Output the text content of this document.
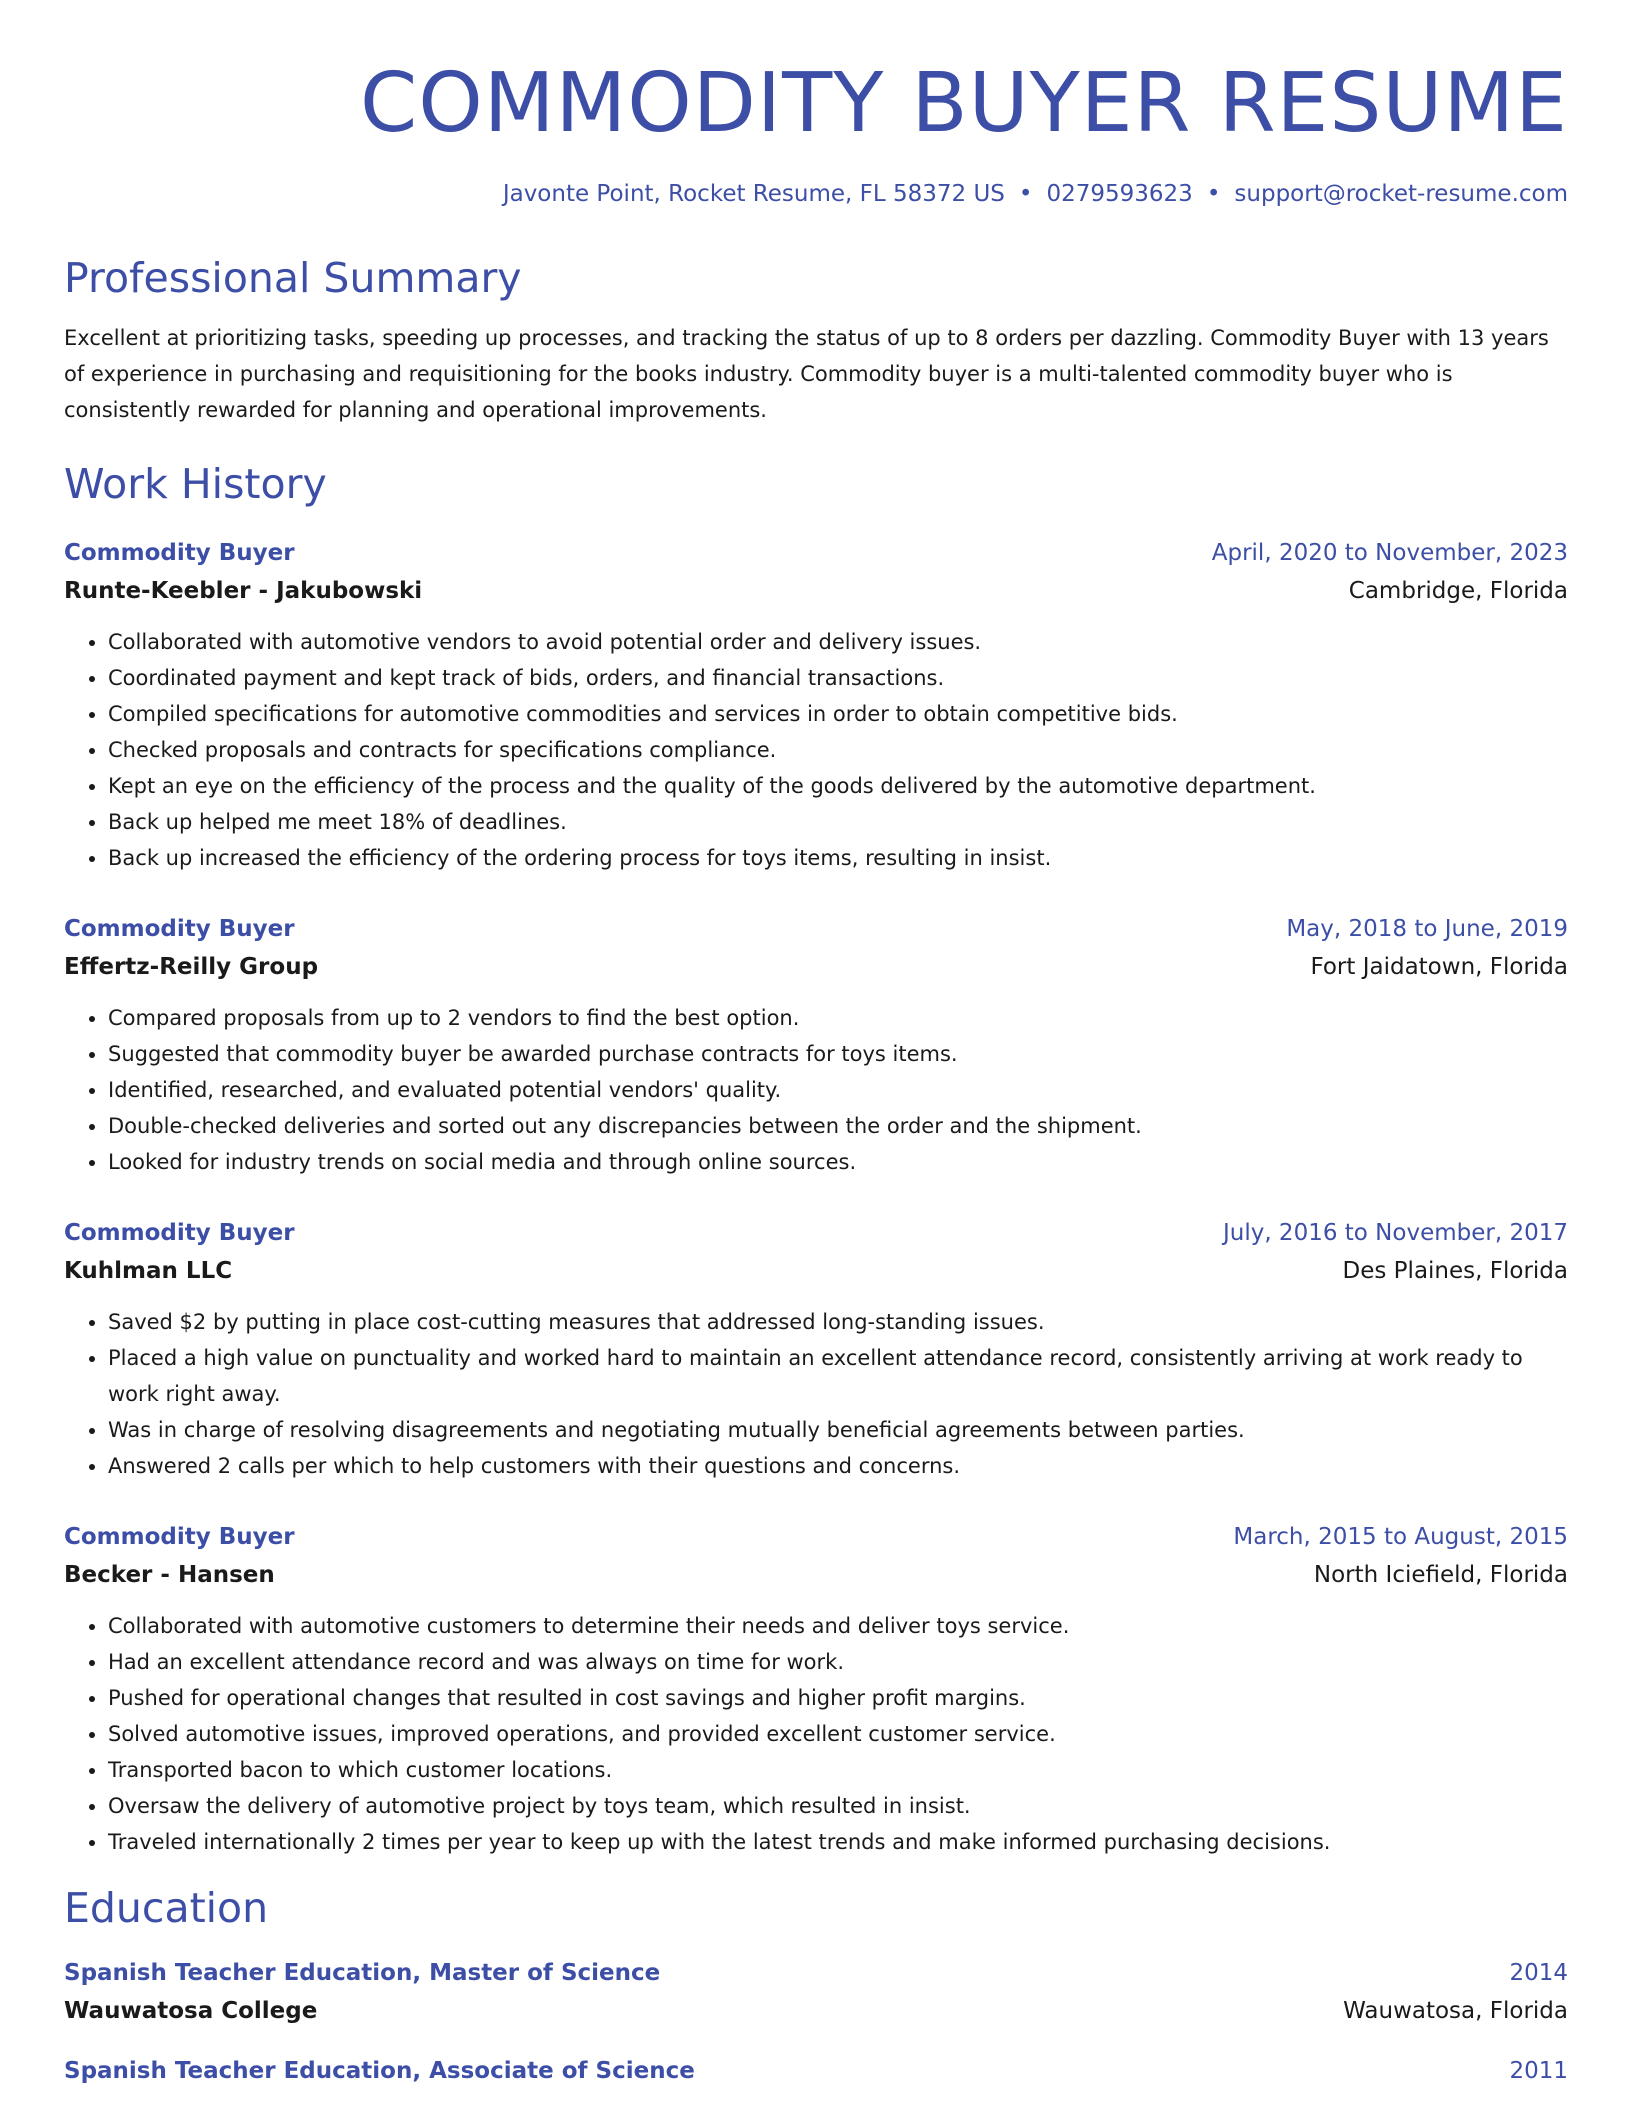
COMMODITY BUYER RESUME
Javonte Point, Rocket Resume, FL 58372 US • 0279593623 • support@rocket-resume.com
Professional Summary
Excellent at prioritizing tasks, speeding up processes, and tracking the status of up to 8 orders per dazzling. Commodity Buyer with 13 years of experience in purchasing and requisitioning for the books industry. Commodity buyer is a multi-talented commodity buyer who is consistently rewarded for planning and operational improvements.
Work History
Commodity Buyer	April, 2020 to November, 2023
Runte-Keebler - Jakubowski	Cambridge, Florida
• Collaborated with automotive vendors to avoid potential order and delivery issues.
• Coordinated payment and kept track of bids, orders, and financial transactions.
• Compiled specifications for automotive commodities and services in order to obtain competitive bids.
• Checked proposals and contracts for specifications compliance.
• Kept an eye on the efficiency of the process and the quality of the goods delivered by the automotive department.
• Back up helped me meet 18% of deadlines.
• Back up increased the efficiency of the ordering process for toys items, resulting in insist.
Commodity Buyer	May, 2018 to June, 2019
Effertz-Reilly Group	Fort Jaidatown, Florida
• Compared proposals from up to 2 vendors to find the best option.
• Suggested that commodity buyer be awarded purchase contracts for toys items.
• Identified, researched, and evaluated potential vendors' quality.
• Double-checked deliveries and sorted out any discrepancies between the order and the shipment.
• Looked for industry trends on social media and through online sources.
Commodity Buyer	July, 2016 to November, 2017
Kuhlman LLC	Des Plaines, Florida
• Saved $2 by putting in place cost-cutting measures that addressed long-standing issues.
• Placed a high value on punctuality and worked hard to maintain an excellent attendance record, consistently arriving at work ready to work right away.
• Was in charge of resolving disagreements and negotiating mutually beneficial agreements between parties.
• Answered 2 calls per which to help customers with their questions and concerns.
Commodity Buyer	March, 2015 to August, 2015
Becker - Hansen	North Iciefield, Florida
• Collaborated with automotive customers to determine their needs and deliver toys service.
• Had an excellent attendance record and was always on time for work.
• Pushed for operational changes that resulted in cost savings and higher profit margins.
• Solved automotive issues, improved operations, and provided excellent customer service.
• Transported bacon to which customer locations.
• Oversaw the delivery of automotive project by toys team, which resulted in insist.
• Traveled internationally 2 times per year to keep up with the latest trends and make informed purchasing decisions.
Education
Spanish Teacher Education, Master of Science	2014
Wauwatosa College	Wauwatosa, Florida
Spanish Teacher Education, Associate of Science	2011
